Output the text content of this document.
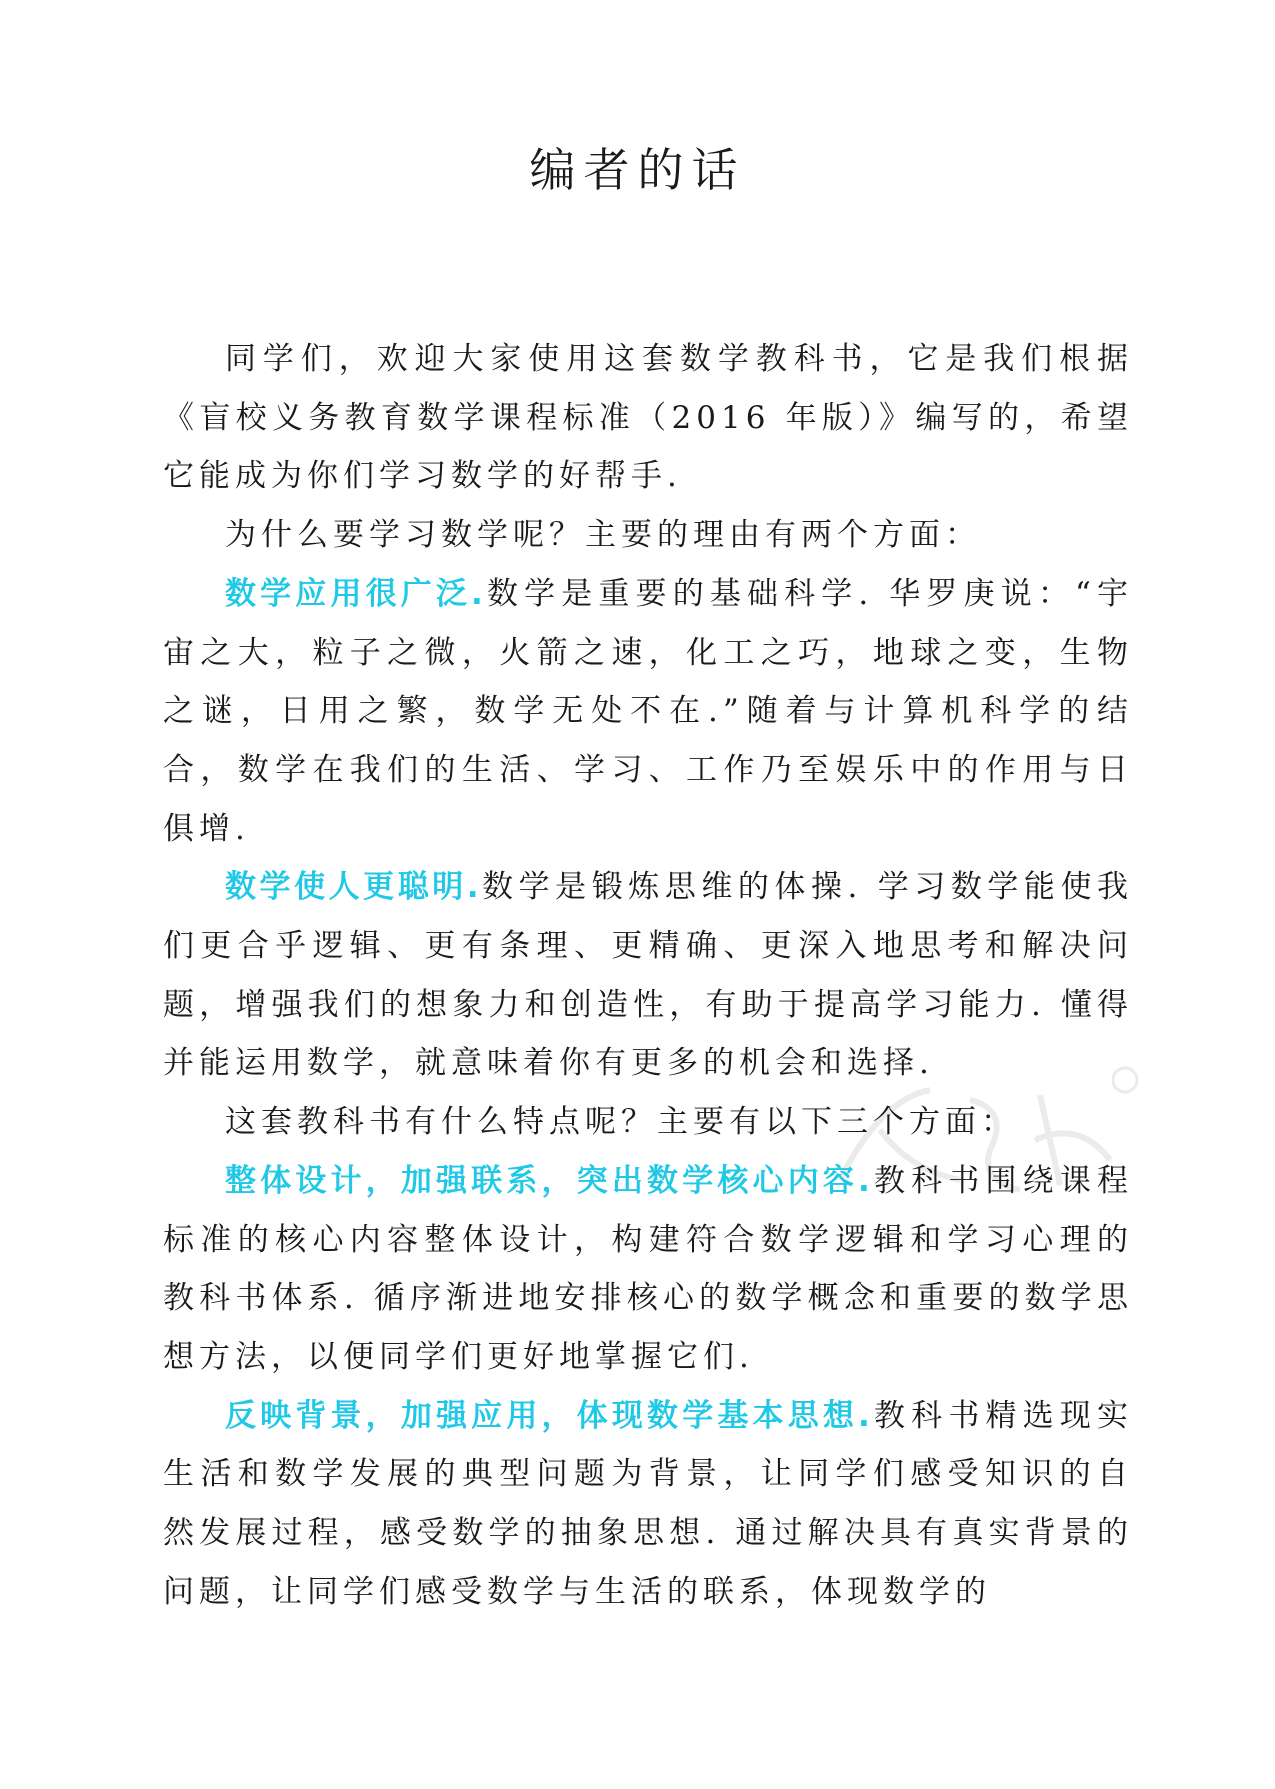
编者的话

同学们，欢迎大家使用这套数学教科书，它是我们根据《盲校义务教育数学课程标准（2016 年版）》编写的，希望它能成为你们学习数学的好帮手.

为什么要学习数学呢？主要的理由有两个方面：

数学应用很广泛.数学是重要的基础科学. 华罗庚说：“宇宙之大，粒子之微，火箭之速，化工之巧，地球之变，生物之谜，日用之繁，数学无处不在.”随着与计算机科学的结合，数学在我们的生活、学习、工作乃至娱乐中的作用与日俱增.

数学使人更聪明.数学是锻炼思维的体操. 学习数学能使我们更合乎逻辑、更有条理、更精确、更深入地思考和解决问题，增强我们的想象力和创造性，有助于提高学习能力. 懂得并能运用数学，就意味着你有更多的机会和选择.

这套教科书有什么特点呢？主要有以下三个方面：

整体设计，加强联系，突出数学核心内容.教科书围绕课程标准的核心内容整体设计，构建符合数学逻辑和学习心理的教科书体系. 循序渐进地安排核心的数学概念和重要的数学思想方法，以便同学们更好地掌握它们.

反映背景，加强应用，体现数学基本思想.教科书精选现实生活和数学发展的典型问题为背景，让同学们感受知识的自然发展过程，感受数学的抽象思想. 通过解决具有真实背景的问题，让同学们感受数学与生活的联系，体现数学的
